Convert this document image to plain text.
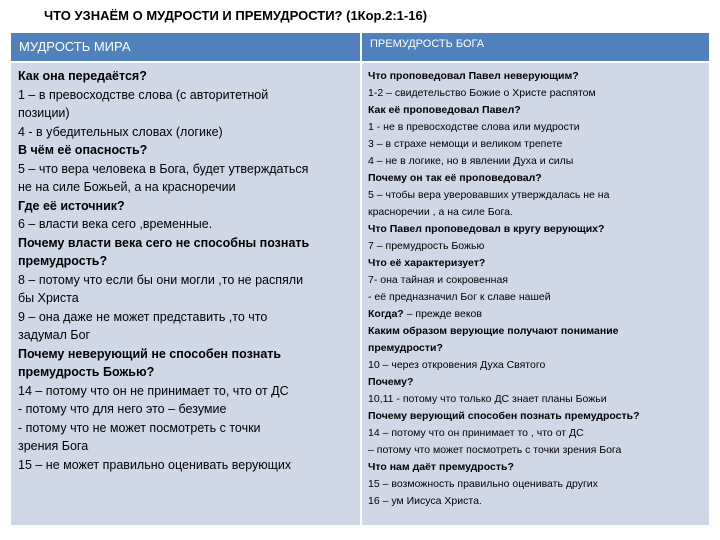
ЧТО УЗНАЁМ О МУДРОСТИ И ПРЕМУДРОСТИ? (1Кор.2:1-16)
МУДРОСТЬ МИРА	ПРЕМУДРОСТЬ БОГА
Как она передаётся?
1 – в превосходстве слова (с авторитетной
позиции)
4 - в убедительных словах (логике)
В чём её опасность?
5 – что вера человека в Бога, будет утверждаться
не на силе Божьей, а на красноречии
Где её источник?
6 – власти века сего ,временные.
Почему власти века сего не способны познать
премудрость?
8 – потому что если бы они могли ,то не распяли
бы Христа
9 – она даже не может представить ,то что
задумал Бог
Почему неверующий не способен познать
премудрость Божью?
14 – потому что он не принимает то, что от ДС
- потому что для него это – безумие
- потому что не может посмотреть с точки
зрения Бога
15 – не может правильно оценивать верующих
Что проповедовал Павел неверующим?
1-2 – свидетельство Божие о Христе распятом
Как её проповедовал Павел?
1 - не в превосходстве слова или мудрости
3 – в страхе немощи и великом трепете
4 – не в логике, но в явлении Духа и силы
Почему он так её проповедовал?
5 – чтобы вера уверовавших утверждалась не на
красноречии , а на силе Бога.
Что Павел проповедовал в кругу верующих?
7 – премудрость Божью
Что её характеризует?
7- она тайная и сокровенная
- её предназначил Бог к славе нашей
Когда? – прежде веков
Каким образом верующие получают понимание
премудрости?
10 – через откровения Духа Святого
Почему?
10,11 - потому что только ДС знает планы Божьи
Почему верующий способен познать премудрость?
14 – потому что он принимает то , что от ДС
– потому что может посмотреть с точки зрения Бога
Что нам даёт премудрость?
15 – возможность правильно оценивать других
16 – ум Иисуса Христа.
